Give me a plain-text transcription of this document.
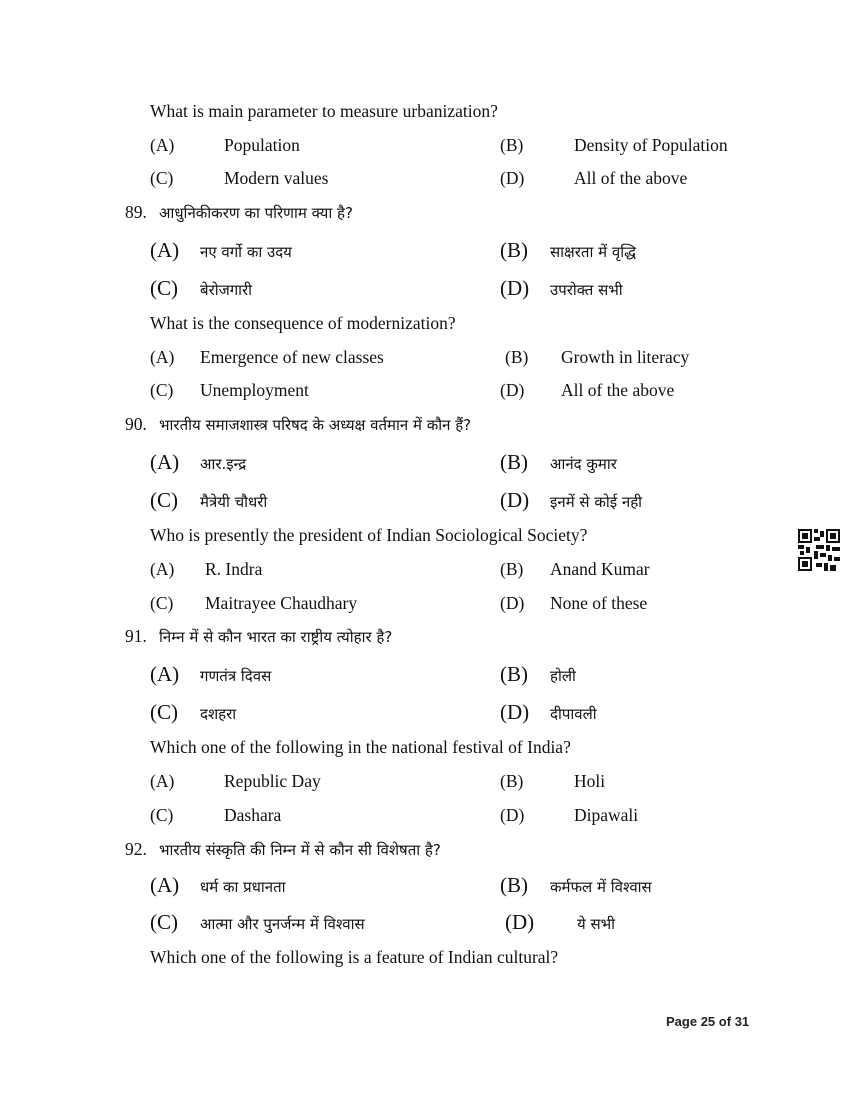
What is main parameter to measure urbanization?
(A)	Population	(B)	Density of Population
(C)	Modern values	(D)	All of the above
89. आधुनिकीकरण का परिणाम क्या है?
(A) नए वर्गो का उदय	(B) साक्षरता में वृद्धि
(C) बेरोजगारी	(D) उपरोक्त सभी
What is the consequence of modernization?
(A) Emergence of new classes	(B) Growth in literacy
(C) Unemployment	(D) All of the above
90. भारतीय समाजशास्त्र परिषद के अध्यक्ष वर्तमान में कौन हैं?
(A) आर.इन्द्र	(B) आनंद कुमार
(C) मैत्रेयी चौधरी	(D) इनमें से कोई नही
Who is presently the president of Indian Sociological Society?
(A) R. Indra	(B) Anand Kumar
(C) Maitrayee Chaudhary	(D) None of these
91. निम्न में से कौन भारत का राष्ट्रीय त्योहार है?
(A) गणतंत्र दिवस	(B) होली
(C) दशहरा	(D) दीपावली
Which one of the following in the national festival of India?
(A)	Republic Day	(B)	Holi
(C)	Dashara	(D)	Dipawali
92. भारतीय संस्कृति की निम्न में से कौन सी विशेषता है?
(A) धर्म का प्रधानता	(B) कर्मफल में विश्वास
(C) आत्मा और पुनर्जन्म में विश्वास	(D)	ये सभी
Which one of the following is a feature of Indian cultural?
Page 25 of 31
